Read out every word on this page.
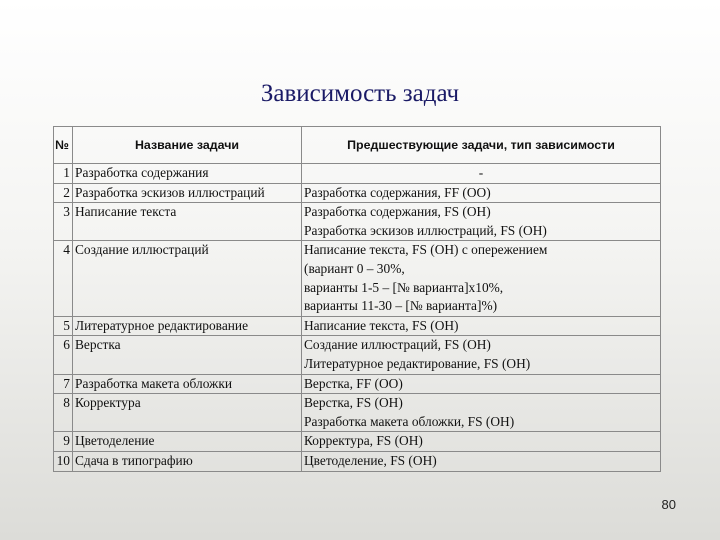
Зависимость задач
№	Название задачи	Предшествующие задачи, тип зависимости
1	Разработка содержания	-

2	Разработка эскизов иллюстраций	Разработка содержания, FF (ОО)

3	Написание текста	Разработка содержания, FS (ОН)
Разработка эскизов иллюстраций, FS (ОН)

4	Создание иллюстраций	Написание текста, FS (ОН) с опережением
(вариант 0 – 30%,
варианты 1-5 – [№ варианта]х10%,
варианты 11-30 – [№ варианта]%)

5	Литературное редактирование	Написание текста, FS (ОН)

6	Верстка	Создание иллюстраций, FS (ОН)
Литературное редактирование, FS (ОН)

7	Разработка макета обложки	Верстка, FF (ОО)

8	Корректура	Верстка, FS (ОН)
Разработка макета обложки, FS (ОН)

9	Цветоделение	Корректура, FS (ОН)

10	Сдача в типографию	Цветоделение, FS (ОН)
80
